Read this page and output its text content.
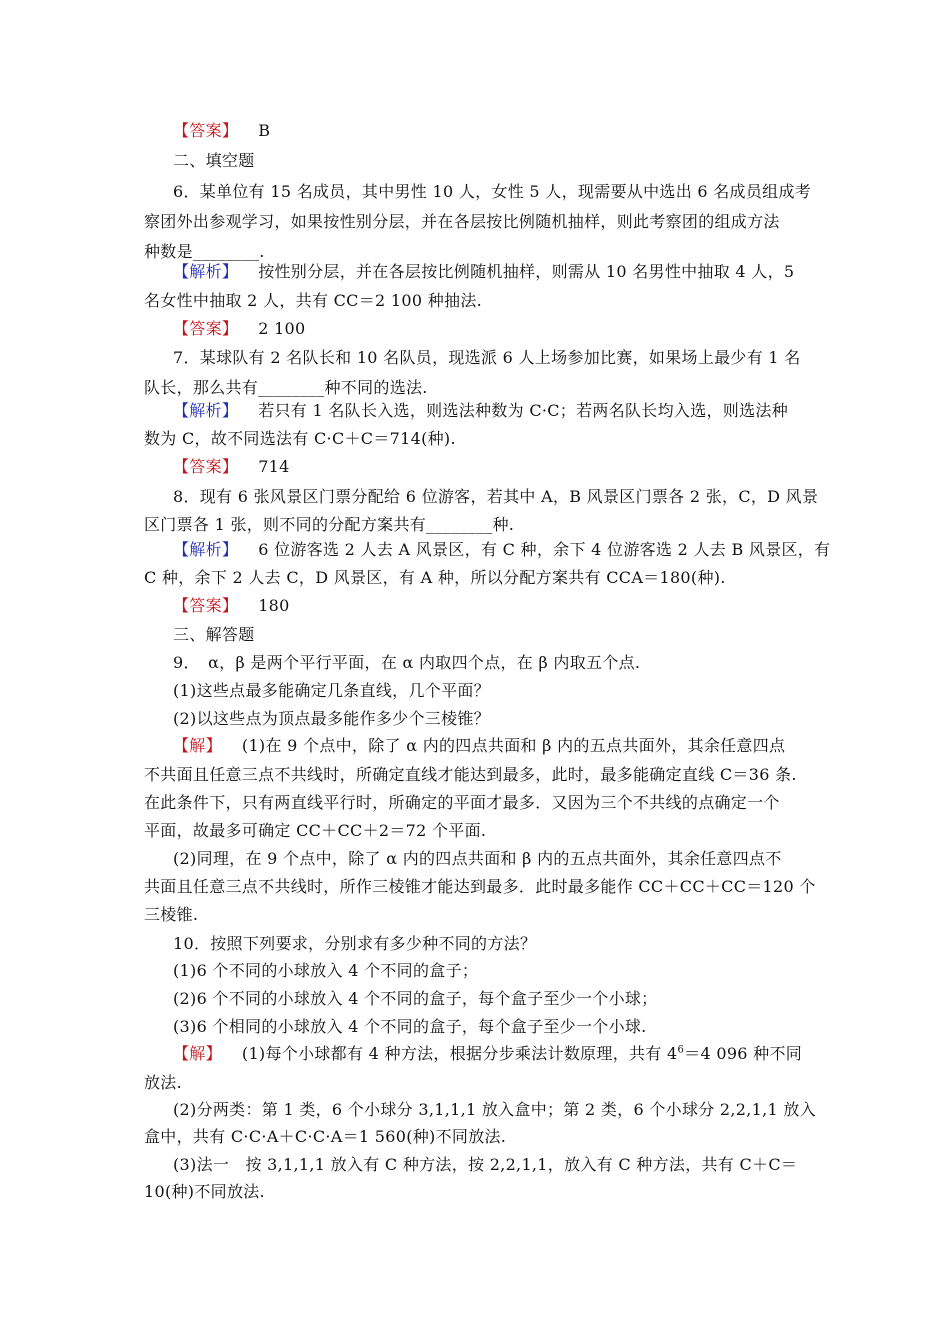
【答案】 B
二、填空题
6．某单位有 15 名成员，其中男性 10 人，女性 5 人，现需要从中选出 6 名成员组成考
察团外出参观学习，如果按性别分层，并在各层按比例随机抽样，则此考察团的组成方法
种数是________.
【解析】 按性别分层，并在各层按比例随机抽样，则需从 10 名男性中抽取 4 人，5
名女性中抽取 2 人，共有 CC＝2 100 种抽法.
【答案】 2 100
7．某球队有 2 名队长和 10 名队员，现选派 6 人上场参加比赛，如果场上最少有 1 名
队长，那么共有________种不同的选法.
【解析】 若只有 1 名队长入选，则选法种数为 C·C；若两名队长均入选，则选法种
数为 C，故不同选法有 C·C＋C＝714(种).
【答案】 714
8．现有 6 张风景区门票分配给 6 位游客，若其中 A，B 风景区门票各 2 张，C，D 风景
区门票各 1 张，则不同的分配方案共有________种.
【解析】 6 位游客选 2 人去 A 风景区，有 C 种，余下 4 位游客选 2 人去 B 风景区，有
C 种，余下 2 人去 C，D 风景区，有 A 种，所以分配方案共有 CCA＝180(种).
【答案】 180
三、解答题
9．　α，β 是两个平行平面，在 α 内取四个点，在 β 内取五个点.
(1)这些点最多能确定几条直线，几个平面？
(2)以这些点为顶点最多能作多少个三棱锥？
【解】 (1)在 9 个点中，除了 α 内的四点共面和 β 内的五点共面外，其余任意四点
不共面且任意三点不共线时，所确定直线才能达到最多，此时，最多能确定直线 C＝36 条.
在此条件下，只有两直线平行时，所确定的平面才最多．又因为三个不共线的点确定一个
平面，故最多可确定 CC＋CC＋2＝72 个平面.
(2)同理，在 9 个点中，除了 α 内的四点共面和 β 内的五点共面外，其余任意四点不
共面且任意三点不共线时，所作三棱锥才能达到最多．此时最多能作 CC＋CC＋CC＝120 个
三棱锥.
10．按照下列要求，分别求有多少种不同的方法？
(1)6 个不同的小球放入 4 个不同的盒子；
(2)6 个不同的小球放入 4 个不同的盒子，每个盒子至少一个小球；
(3)6 个相同的小球放入 4 个不同的盒子，每个盒子至少一个小球.
【解】 (1)每个小球都有 4 种方法，根据分步乘法计数原理，共有 $4^6=4$ 096 种不同
放法.
(2)分两类：第 1 类，6 个小球分 3,1,1,1 放入盒中；第 2 类，6 个小球分 2,2,1,1 放入
盒中，共有 C·C·A＋C·C·A＝1 560(种)不同放法.
(3)法一　按 3,1,1,1 放入有 C 种方法，按 2,2,1,1，放入有 C 种方法，共有 C＋C＝
10(种)不同放法.
